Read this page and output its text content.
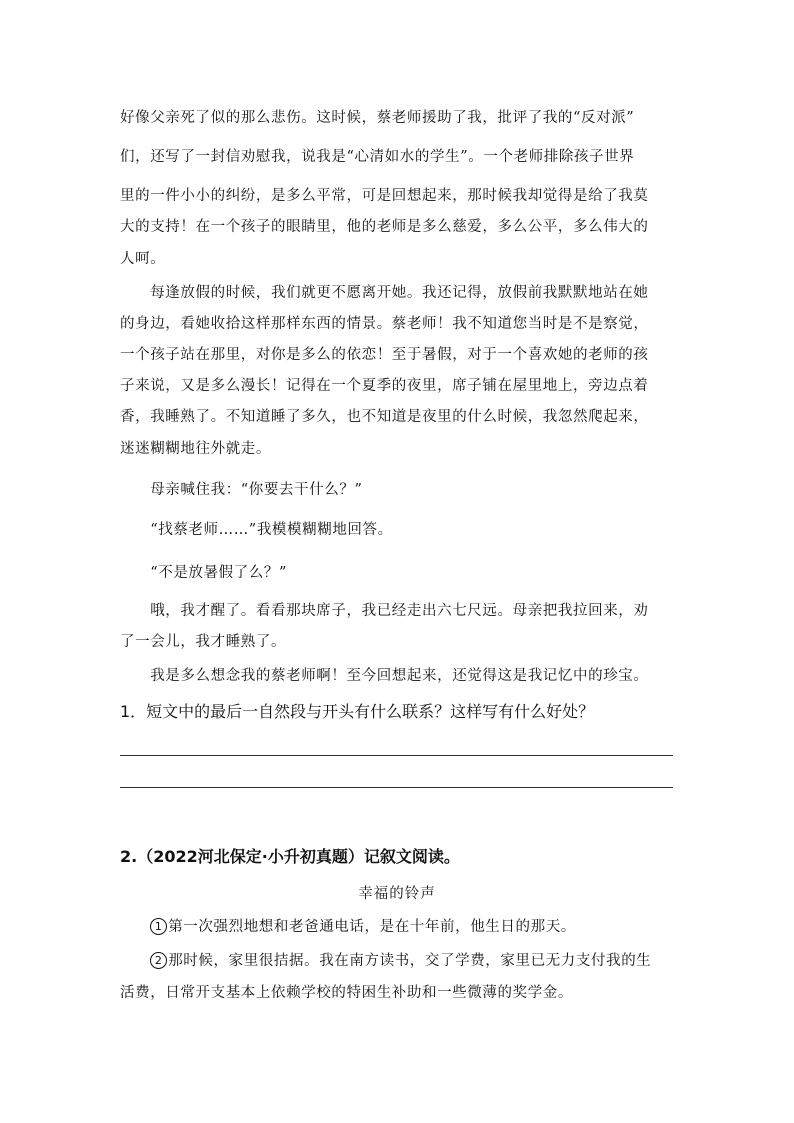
好像父亲死了似的那么悲伤。这时候，蔡老师援助了我，批评了我的“反对派”
们，还写了一封信劝慰我，说我是“心清如水的学生”。一个老师排除孩子世界
里的一件小小的纠纷，是多么平常，可是回想起来，那时候我却觉得是给了我莫
大的支持！在一个孩子的眼睛里，他的老师是多么慈爱，多么公平，多么伟大的
人呵。
　　每逢放假的时候，我们就更不愿离开她。我还记得，放假前我默默地站在她
的身边，看她收拾这样那样东西的情景。蔡老师！我不知道您当时是不是察觉，
一个孩子站在那里，对你是多么的依恋！至于暑假，对于一个喜欢她的老师的孩
子来说，又是多么漫长！记得在一个夏季的夜里，席子铺在屋里地上，旁边点着
香，我睡熟了。不知道睡了多久，也不知道是夜里的什么时候，我忽然爬起来，
迷迷糊糊地往外就走。
　　母亲喊住我：“你要去干什么？”
　　“找蔡老师……”我模模糊糊地回答。
　　“不是放暑假了么？”
　　哦，我才醒了。看看那块席子，我已经走出六七尺远。母亲把我拉回来，劝
了一会儿，我才睡熟了。
　　我是多么想念我的蔡老师啊！至今回想起来，还觉得这是我记忆中的珍宝。
1．短文中的最后一自然段与开头有什么联系？这样写有什么好处？
2.（2022河北保定·小升初真题）记叙文阅读。
幸福的铃声
　　1 第一次强烈地想和老爸通电话，是在十年前，他生日的那天。
　　2 那时候，家里很拮据。我在南方读书，交了学费，家里已无力支付我的生
活费，日常开支基本上依赖学校的特困生补助和一些微薄的奖学金。
